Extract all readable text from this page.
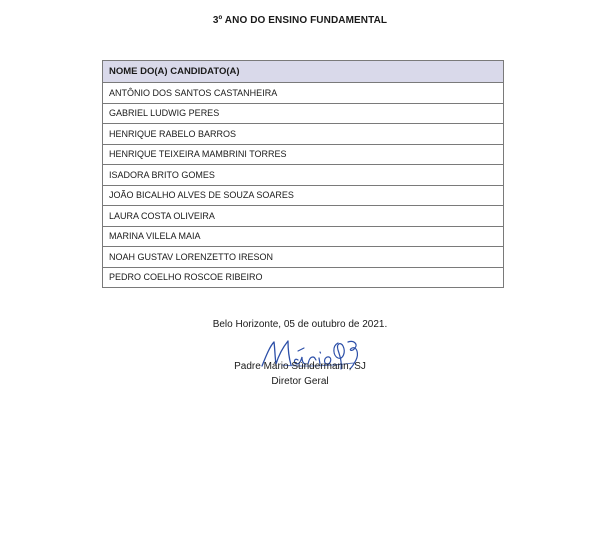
3º ANO DO ENSINO FUNDAMENTAL
NOME DO(A) CANDIDATO(A)
ANTÔNIO DOS SANTOS CASTANHEIRA
GABRIEL LUDWIG PERES
HENRIQUE RABELO BARROS
HENRIQUE TEIXEIRA MAMBRINI TORRES
ISADORA BRITO GOMES
JOÃO BICALHO ALVES DE SOUZA SOARES
LAURA COSTA OLIVEIRA
MARINA VILELA MAIA
NOAH GUSTAV LORENZETTO IRESON
PEDRO COELHO ROSCOE RIBEIRO
Belo Horizonte, 05 de outubro de 2021.
Padre Mário Sündermann, SJ
Diretor Geral
